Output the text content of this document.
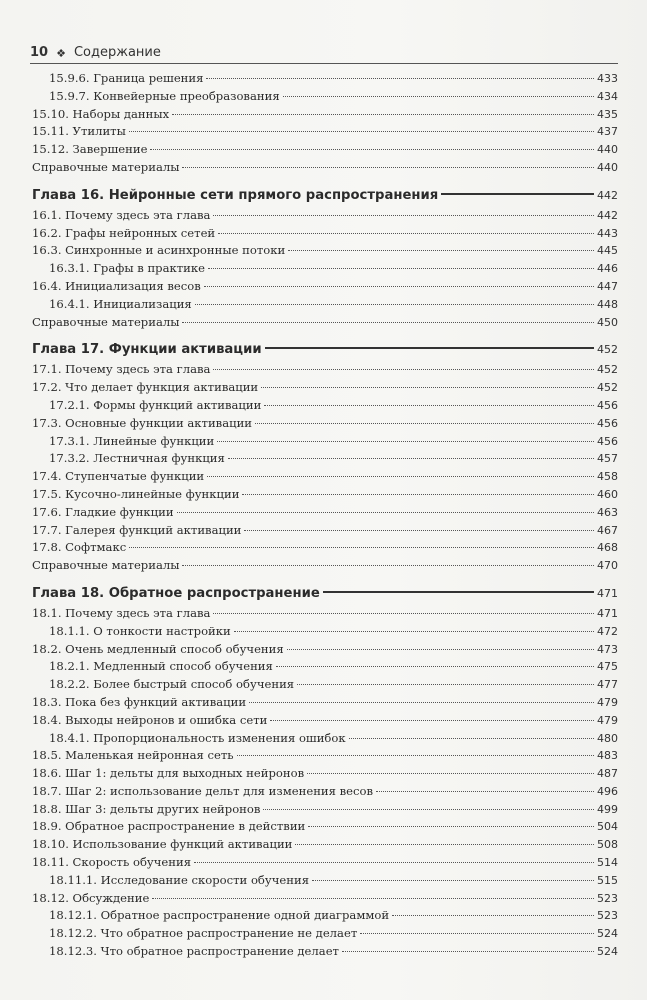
10 ❖ Содержание
15.9.6. Граница решения	433
15.9.7. Конвейерные преобразования	434
15.10. Наборы данных	435
15.11. Утилиты	437
15.12. Завершение	440
Справочные материалы	440
Глава 16. Нейронные сети прямого распространения	442
16.1. Почему здесь эта глава	442
16.2. Графы нейронных сетей	443
16.3. Синхронные и асинхронные потоки	445
16.3.1. Графы в практике	446
16.4. Инициализация весов	447
16.4.1. Инициализация	448
Справочные материалы	450
Глава 17. Функции активации	452
17.1. Почему здесь эта глава	452
17.2. Что делает функция активации	452
17.2.1. Формы функций активации	456
17.3. Основные функции активации	456
17.3.1. Линейные функции	456
17.3.2. Лестничная функция	457
17.4. Ступенчатые функции	458
17.5. Кусочно-линейные функции	460
17.6. Гладкие функции	463
17.7. Галерея функций активации	467
17.8. Софтмакс	468
Справочные материалы	470
Глава 18. Обратное распространение	471
18.1. Почему здесь эта глава	471
18.1.1. О тонкости настройки	472
18.2. Очень медленный способ обучения	473
18.2.1. Медленный способ обучения	475
18.2.2. Более быстрый способ обучения	477
18.3. Пока без функций активации	479
18.4. Выходы нейронов и ошибка сети	479
18.4.1. Пропорциональность изменения ошибок	480
18.5. Маленькая нейронная сеть	483
18.6. Шаг 1: дельты для выходных нейронов	487
18.7. Шаг 2: использование дельт для изменения весов	496
18.8. Шаг 3: дельты других нейронов	499
18.9. Обратное распространение в действии	504
18.10. Использование функций активации	508
18.11. Скорость обучения	514
18.11.1. Исследование скорости обучения	515
18.12. Обсуждение	523
18.12.1. Обратное распространение одной диаграммой	523
18.12.2. Что обратное распространение не делает	524
18.12.3. Что обратное распространение делает	524
